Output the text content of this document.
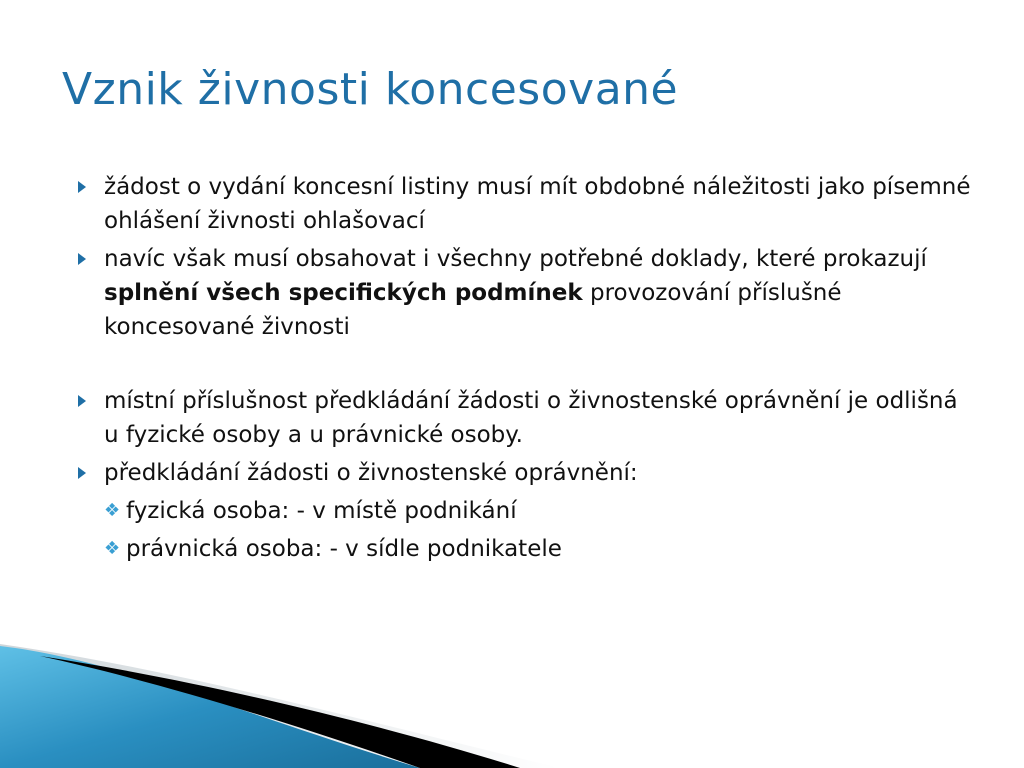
Vznik živnosti koncesované
žádost o vydání koncesní listiny musí mít obdobné náležitosti jako písemné ohlášení živnosti ohlašovací
navíc však musí obsahovat i všechny potřebné doklady, které prokazují splnění všech specifických podmínek provozování příslušné koncesované živnosti
místní příslušnost předkládání žádosti o živnostenské oprávnění je odlišná u fyzické osoby a u právnické osoby.
předkládání žádosti o živnostenské oprávnění:
❖ fyzická osoba: - v místě podnikání
❖ právnická osoba: - v sídle podnikatele
